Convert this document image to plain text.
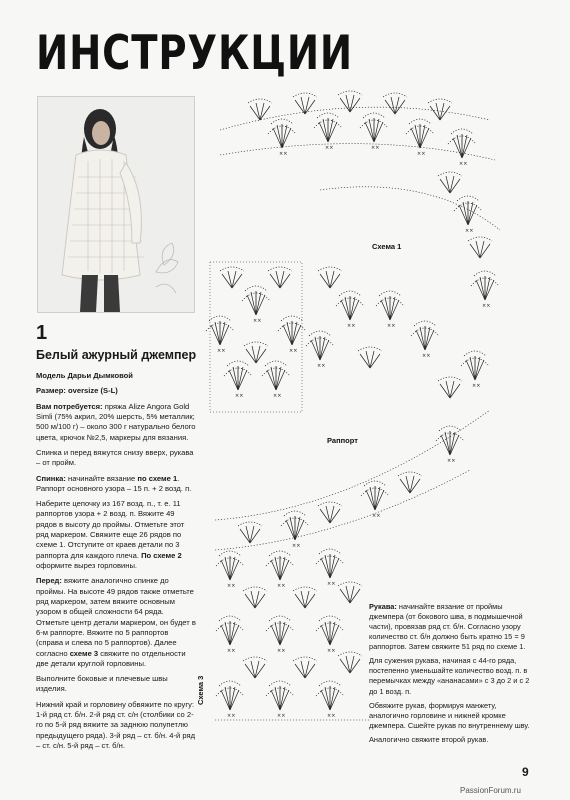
ИНСТРУКЦИИ
1
Белый ажурный джемпер

Модель Дарьи Дымковой

Размер: oversize (S-L)

Вам потребуется: пряжа Alize Angora Gold Simli (75% акрил, 20% шерсть, 5% металлик; 500 м/100 г) – около 300 г натурально белого цвета, крючок №2,5, маркеры для вязания.

Спинка и перед вяжутся снизу вверх, рукава – от пройм.

Спинка: начинайте вязание по схеме 1. Раппорт основного узора – 15 п. + 2 возд. п.

Наберите цепочку из 167 возд. п., т. е. 11 раппортов узора + 2 возд. п. Вяжите 49 рядов в высоту до проймы. Отметьте этот ряд маркером. Свяжите еще 26 рядов по схеме 1. Отступите от краев детали по 3 раппорта для каждого плеча. По схеме 2 оформите вырез горловины.

Перед: вяжите аналогично спинке до проймы. На высоте 49 рядов также отметьте ряд маркером, затем вяжите основным узором в общей сложности 64 ряда. Отметьте центр детали маркером, он будет в 6-м раппорте. Вяжите по 5 раппортов (справа и слева по 5 раппортов). Далее согласно схеме 3 свяжите по отдельности две детали круглой горловины.

Выполните боковые и плечевые швы изделия.

Нижний край и горловину обвяжите по кругу: 1-й ряд ст. б/н. 2-й ряд ст. с/н (столбики со 2-го по 5-й ряд вяжите за заднюю полупетлю предыдущего ряда). 3-й ряд – ст. б/н. 4-й ряд – ст. с/н. 5-й ряд – ст. б/н.

××
Схема 1
Раппорт
Схема 3

Рукава: начинайте вязание от проймы джемпера (от бокового шва, в подмышечной части), провязав ряд ст. б/н. Согласно узору количество ст. б/н должно быть кратно 15 = 9 раппортов. Затем свяжите 51 ряд по схеме 1.

Для сужения рукава, начиная с 44-го ряда, постепенно уменьшайте количество возд. п. в перемычках между «ананасами» с 3 до 2 и с 2 до 1 возд. п.

Обвяжите рукав, формируя манжету, аналогично горловине и нижней кромке джемпера. Сшейте рукав по внутреннему шву.

Аналогично свяжите второй рукав.

9
PassionForum.ru
